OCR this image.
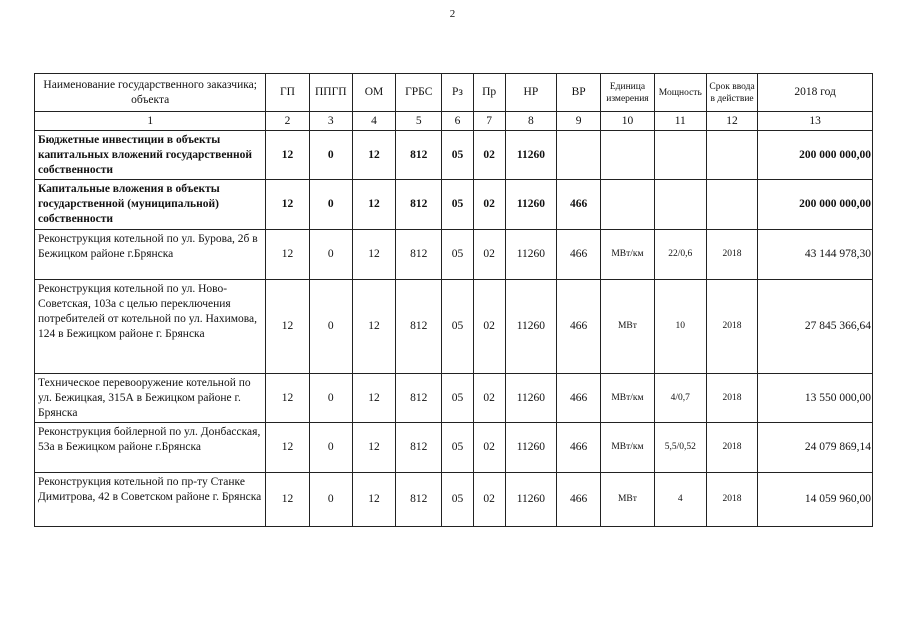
2
Наименование государственного заказчика; объекта	ГП	ППГП	ОМ	ГРБС	Рз	Пр	НР	ВР	Единица измерения	Мощность	Срок ввода в действие	2018 год
1	2	3	4	5	6	7	8	9	10	11	12	13
Бюджетные инвестиции в объекты капитальных вложений государственной собственности	12	0	12	812	05	02	11260					200 000 000,00
Капитальные вложения в объекты государственной (муниципальной) собственности	12	0	12	812	05	02	11260	466				200 000 000,00
Реконструкция котельной по ул. Бурова, 2б в Бежицком районе г.Брянска	12	0	12	812	05	02	11260	466	МВт/км	22/0,6	2018	43 144 978,30
Реконструкция котельной по ул. Ново-Советская, 103а с целью переключения потребителей от котельной по ул. Нахимова, 124 в Бежицком районе г. Брянска	12	0	12	812	05	02	11260	466	МВт	10	2018	27 845 366,64
Техническое перевооружение котельной по ул. Бежицкая, 315А в Бежицком районе г. Брянска	12	0	12	812	05	02	11260	466	МВт/км	4/0,7	2018	13 550 000,00
Реконструкция бойлерной по ул. Донбасская, 53а в Бежицком районе г.Брянска	12	0	12	812	05	02	11260	466	МВт/км	5,5/0,52	2018	24 079 869,14
Реконструкция котельной по пр-ту Станке Димитрова, 42 в Советском районе г. Брянска	12	0	12	812	05	02	11260	466	МВт	4	2018	14 059 960,00
